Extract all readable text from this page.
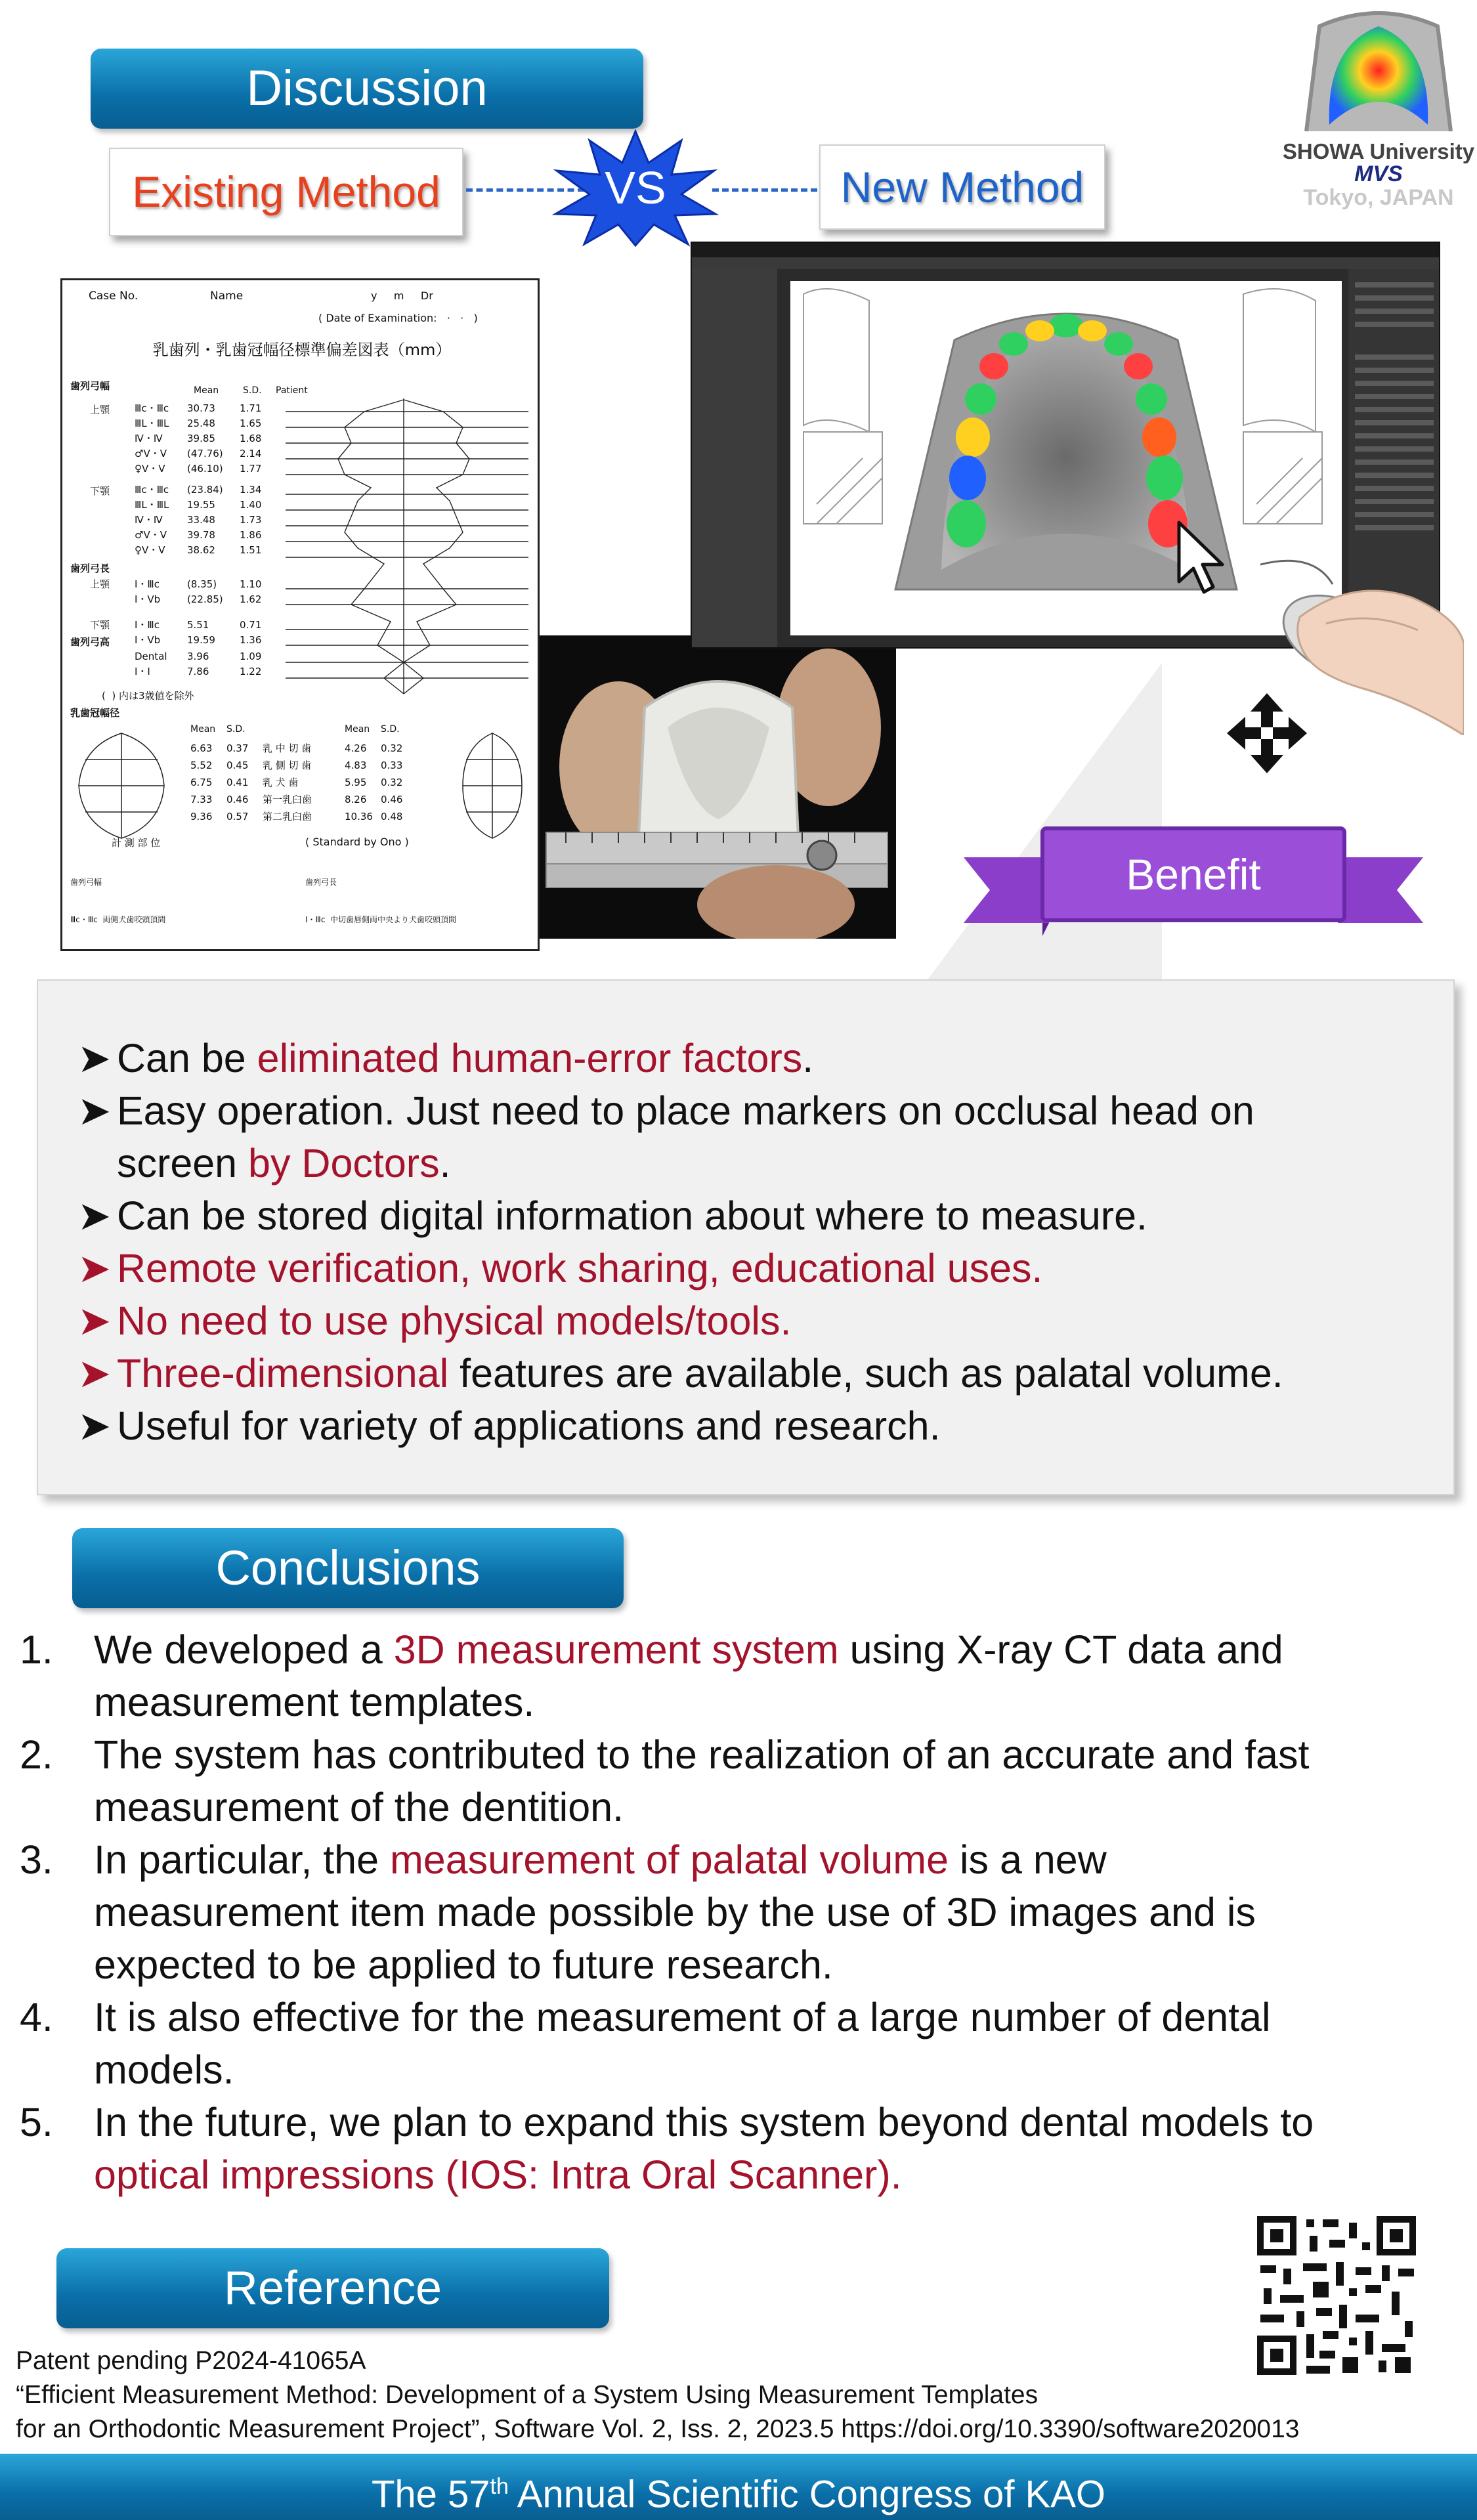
Discussion
Existing Method	VS	New Method
SHOWA University
MVS
Tokyo, JAPAN
Case No.	Name	y     m     Dr
( Date of Examination:   ·   ·   )
乳歯列・乳歯冠幅径標準偏差図表（mm）
歯列弓幅	Mean	S.D. Patient
上顎	Ⅲc・Ⅲc 30.73 1.71
ⅢL・ⅢL 25.48 1.65
Ⅳ・Ⅳ 39.85 1.68
♂Ⅴ・Ⅴ (47.76) 2.14
♀Ⅴ・Ⅴ (46.10) 1.77
下顎	Ⅲc・Ⅲc (23.84) 1.34
ⅢL・ⅢL 19.55 1.40
Ⅳ・Ⅳ 33.48 1.73
♂Ⅴ・Ⅴ 39.78 1.86
♀Ⅴ・Ⅴ 38.62 1.51
歯列弓長
上顎	Ⅰ・Ⅲc	(8.35) 1.10
Ⅰ・Ⅴb	(22.85) 1.62
下顎	Ⅰ・Ⅲc	5.51	0.71
Ⅰ・Ⅴb	19.59 1.36
歯列弓高
Dental 3.96	1.09
Ⅰ・Ⅰ	7.86	1.22
(  ) 内は3歳値を除外
乳歯冠幅径
Mean S.D.	Mean S.D.
6.63 0.37 乳 中 切 歯	4.26 0.32
5.52 0.45 乳 側 切 歯	4.83 0.33
6.75 0.41 乳 犬 歯	5.95 0.32
7.33 0.46 第一乳臼歯	8.26 0.46
9.36 0.57 第二乳臼歯	10.36 0.48
計 測 部 位	( Standard by Ono )

歯列弓幅

Ⅲc・Ⅲc  両側犬歯咬頭頂間

歯列弓長

Ⅰ・Ⅲc  中切歯唇側両中央より犬歯咬頭頂間

Benefit
➤ Can be eliminated human-error factors.
➤ Easy operation. Just need to place markers on occlusal head on
screen by Doctors.
➤ Can be stored digital information about where to measure.
➤ Remote verification, work sharing, educational uses.
➤ No need to use physical models/tools.
➤ Three-dimensional features are available, such as palatal volume.
➤ Useful for variety of applications and research.
Conclusions
1. We developed a 3D measurement system using X-ray CT data and
measurement templates.
2. The system has contributed to the realization of an accurate and fast
measurement of the dentition.
3. In particular, the measurement of palatal volume is a new
measurement item made possible by the use of 3D images and is
expected to be applied to future research.
4. It is also effective for the measurement of a large number of dental
models.
5. In the future, we plan to expand this system beyond dental models to
optical impressions (IOS: Intra Oral Scanner).
Reference
Patent pending P2024-41065A
“Efficient Measurement Method: Development of a System Using Measurement Templates
for an Orthodontic Measurement Project”, Software Vol. 2, Iss. 2, 2023.5 https://doi.org/10.3390/software2020013
The 57th Annual Scientific Congress of KAO
